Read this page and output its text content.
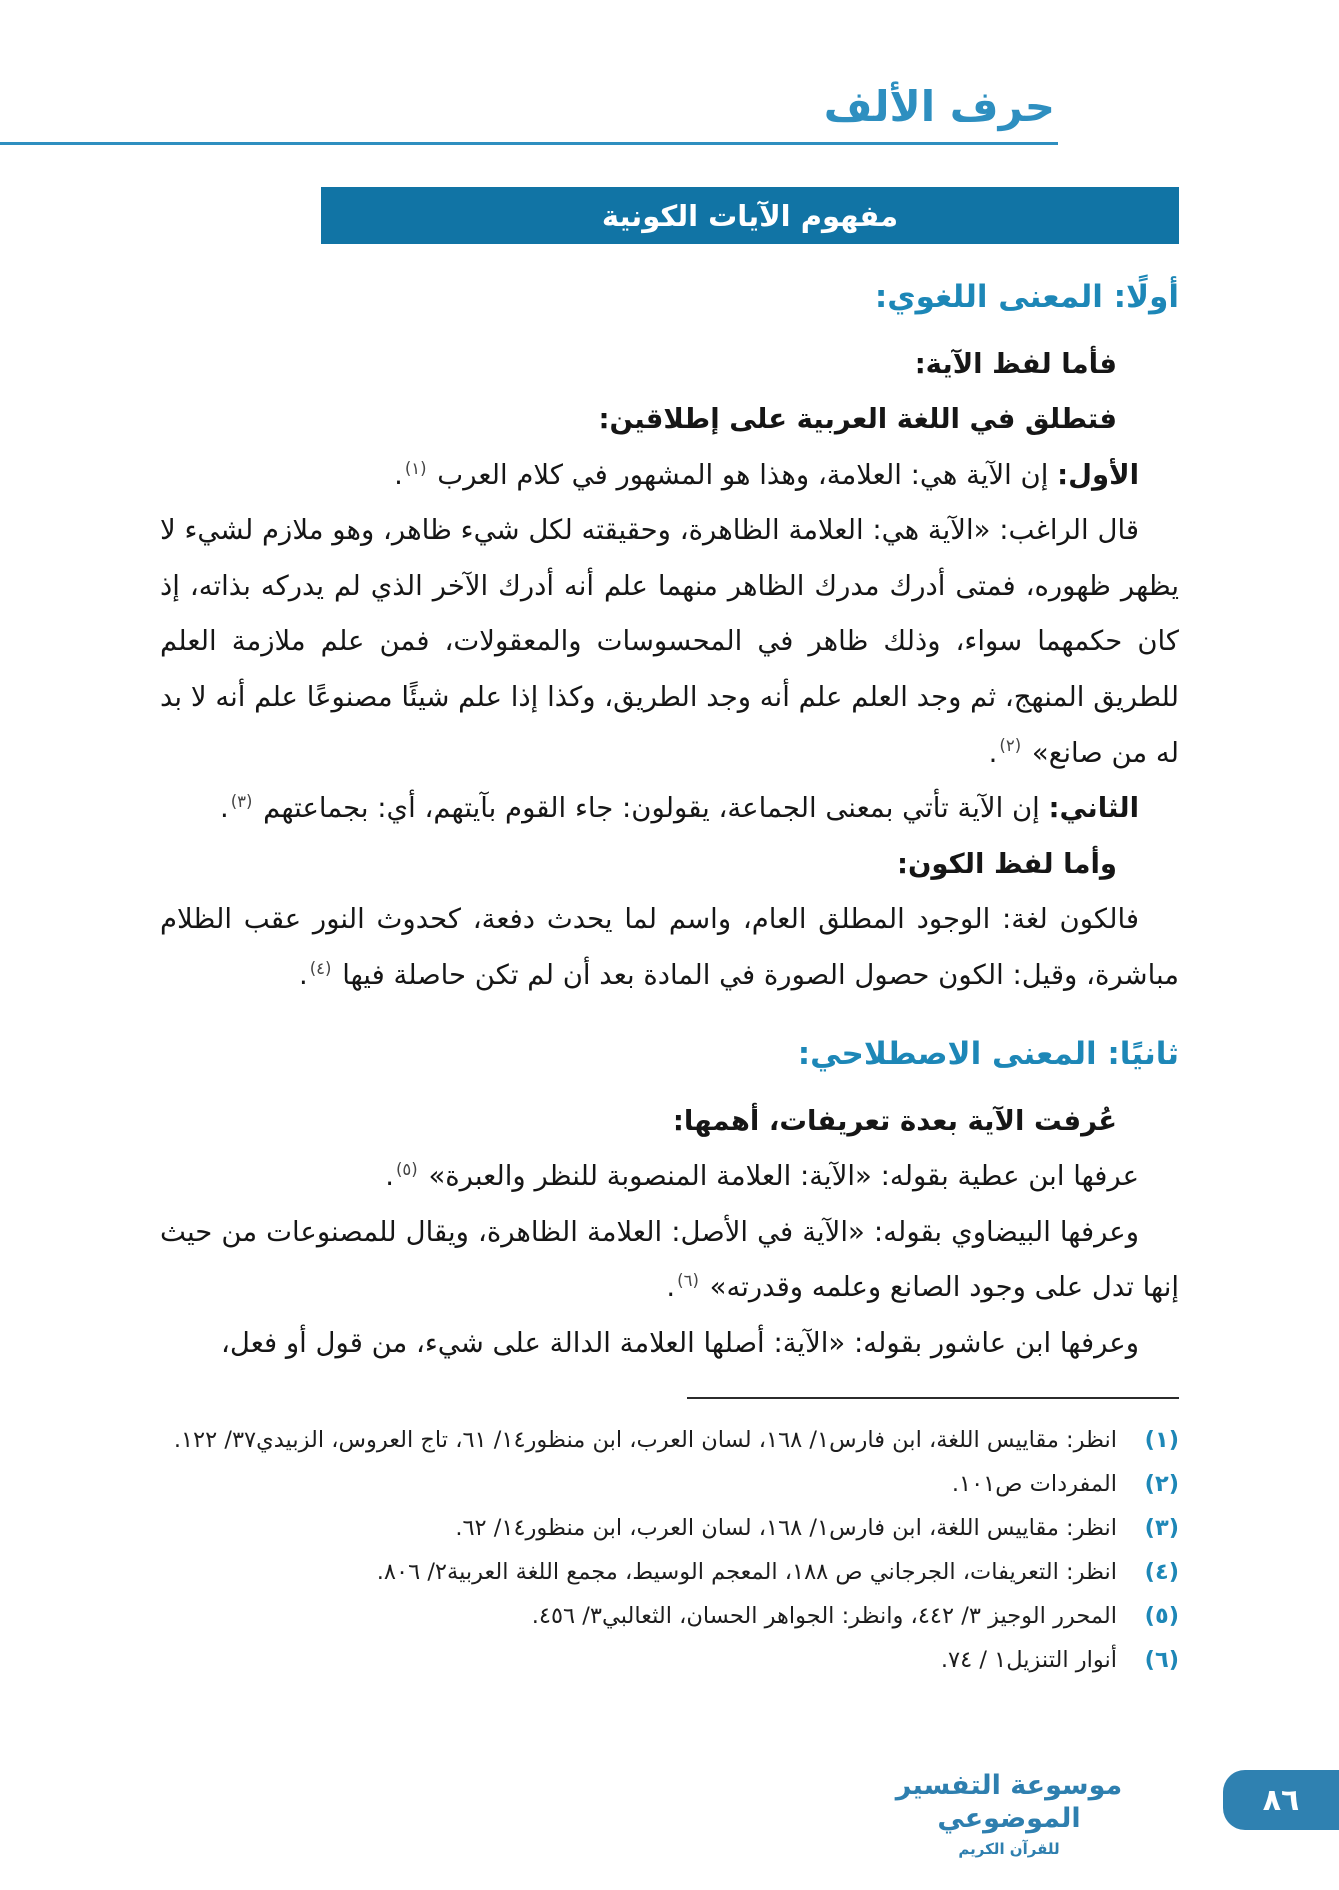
حرف الألف
مفهوم الآيات الكونية
أولًا: المعنى اللغوي:

فأما لفظ الآية:

فتطلق في اللغة العربية على إطلاقين:

الأول: إن الآية هي: العلامة، وهذا هو المشهور في كلام العرب $^{(١)}$.

قال الراغب: «الآية هي: العلامة الظاهرة، وحقيقته لكل شيء ظاهر، وهو ملازم لشيء لا يظهر ظهوره، فمتى أدرك مدرك الظاهر منهما علم أنه أدرك الآخر الذي لم يدركه بذاته، إذ كان حكمهما سواء، وذلك ظاهر في المحسوسات والمعقولات، فمن علم ملازمة العلم للطريق المنهج، ثم وجد العلم علم أنه وجد الطريق، وكذا إذا علم شيئًا مصنوعًا علم أنه لا بد له من صانع» $^{(٢)}$.

الثاني: إن الآية تأتي بمعنى الجماعة، يقولون: جاء القوم بآيتهم، أي: بجماعتهم $^{(٣)}$.

وأما لفظ الكون:

فالكون لغة: الوجود المطلق العام، واسم لما يحدث دفعة، كحدوث النور عقب الظلام مباشرة، وقيل: الكون حصول الصورة في المادة بعد أن لم تكن حاصلة فيها $^{(٤)}$.

ثانيًا: المعنى الاصطلاحي:

عُرفت الآية بعدة تعريفات، أهمها:

عرفها ابن عطية بقوله: «الآية: العلامة المنصوبة للنظر والعبرة» $^{(٥)}$.

وعرفها البيضاوي بقوله: «الآية في الأصل: العلامة الظاهرة، ويقال للمصنوعات من حيث إنها تدل على وجود الصانع وعلمه وقدرته» $^{(٦)}$.

وعرفها ابن عاشور بقوله: «الآية: أصلها العلامة الدالة على شيء، من قول أو فعل،

(١)
انظر: مقاييس اللغة، ابن فارس١/ ١٦٨، لسان العرب، ابن منظور١٤/ ٦١، تاج العروس، الزبيدي٣٧/ ١٢٢.
(٢)
المفردات ص١٠١.
(٣)
انظر: مقاييس اللغة، ابن فارس١/ ١٦٨، لسان العرب، ابن منظور١٤/ ٦٢.
(٤)
انظر: التعريفات، الجرجاني ص ١٨٨، المعجم الوسيط، مجمع اللغة العربية٢/ ٨٠٦.
(٥)
المحرر الوجيز ٣/ ٤٤٢، وانظر: الجواهر الحسان، الثعالبي٣/ ٤٥٦.
(٦)
أنوار التنزيل١ / ٧٤.
موسوعة التفسير الموضوعي
للقرآن الكريم
٨٦
